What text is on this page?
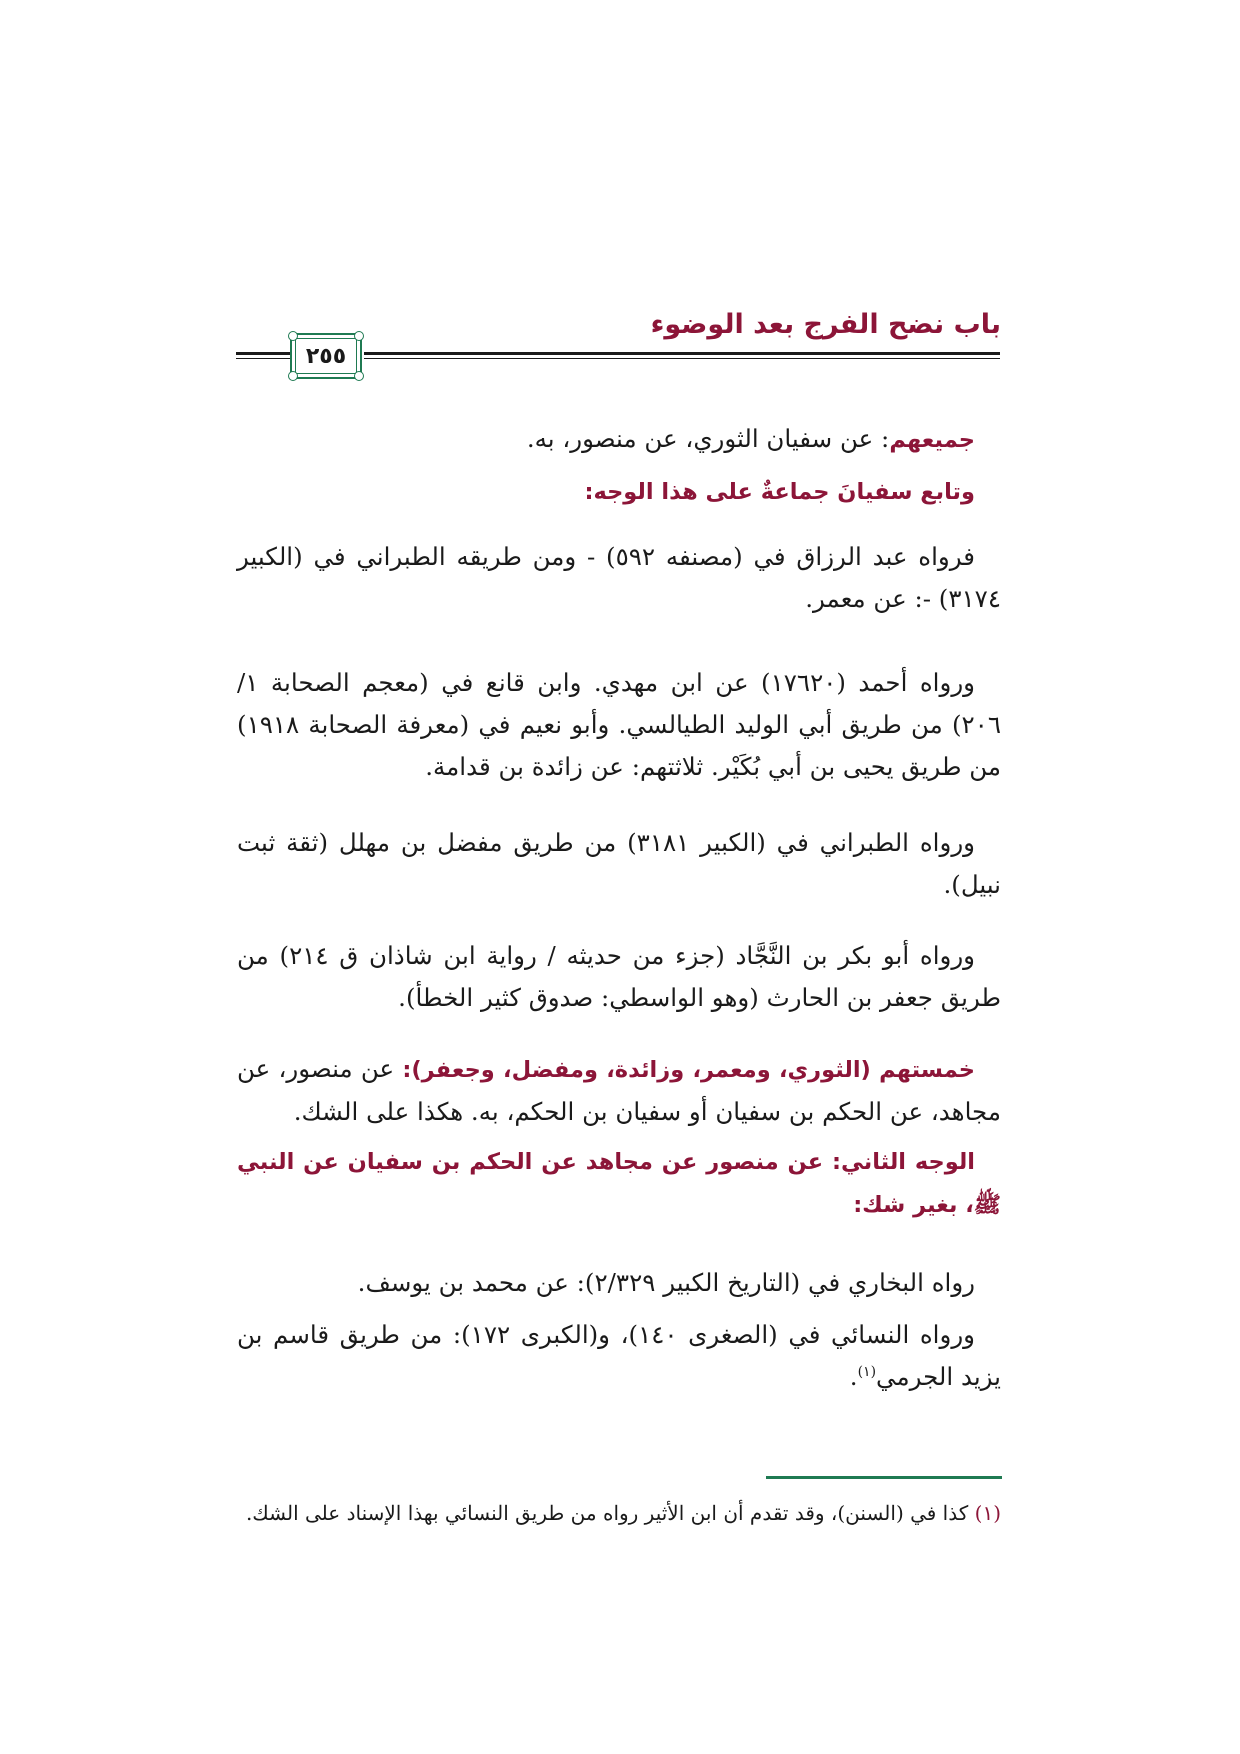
باب نضح الفرج بعد الوضوء
٢٥٥

جميعهم: عن سفيان الثوري، عن منصور، به.

وتابع سفيانَ جماعةٌ على هذا الوجه:

فرواه عبد الرزاق في (مصنفه ٥٩٢) - ومن طريقه الطبراني في (الكبير ٣١٧٤) -: عن معمر.

ورواه أحمد (١٧٦٢٠) عن ابن مهدي. وابن قانع في (معجم الصحابة ١/ ٢٠٦) من طريق أبي الوليد الطيالسي. وأبو نعيم في (معرفة الصحابة ١٩١٨) من طريق يحيى بن أبي بُكَيْر. ثلاثتهم: عن زائدة بن قدامة.

ورواه الطبراني في (الكبير ٣١٨١) من طريق مفضل بن مهلل (ثقة ثبت نبيل).

ورواه أبو بكر بن النَّجَّاد (جزء من حديثه / رواية ابن شاذان ق ٢١٤) من طريق جعفر بن الحارث (وهو الواسطي: صدوق كثير الخطأ).

خمستهم (الثوري، ومعمر، وزائدة، ومفضل، وجعفر): عن منصور، عن مجاهد، عن الحكم بن سفيان أو سفيان بن الحكم، به. هكذا على الشك.

الوجه الثاني: عن منصور عن مجاهد عن الحكم بن سفيان عن النبي ﷺ، بغير شك:

رواه البخاري في (التاريخ الكبير ٢/٣٢٩): عن محمد بن يوسف.

ورواه النسائي في (الصغرى ١٤٠)، و(الكبرى ١٧٢): من طريق قاسم بن يزيد الجرمي$^{(١)}$.

(١) كذا في (السنن)، وقد تقدم أن ابن الأثير رواه من طريق النسائي بهذا الإسناد على الشك.
